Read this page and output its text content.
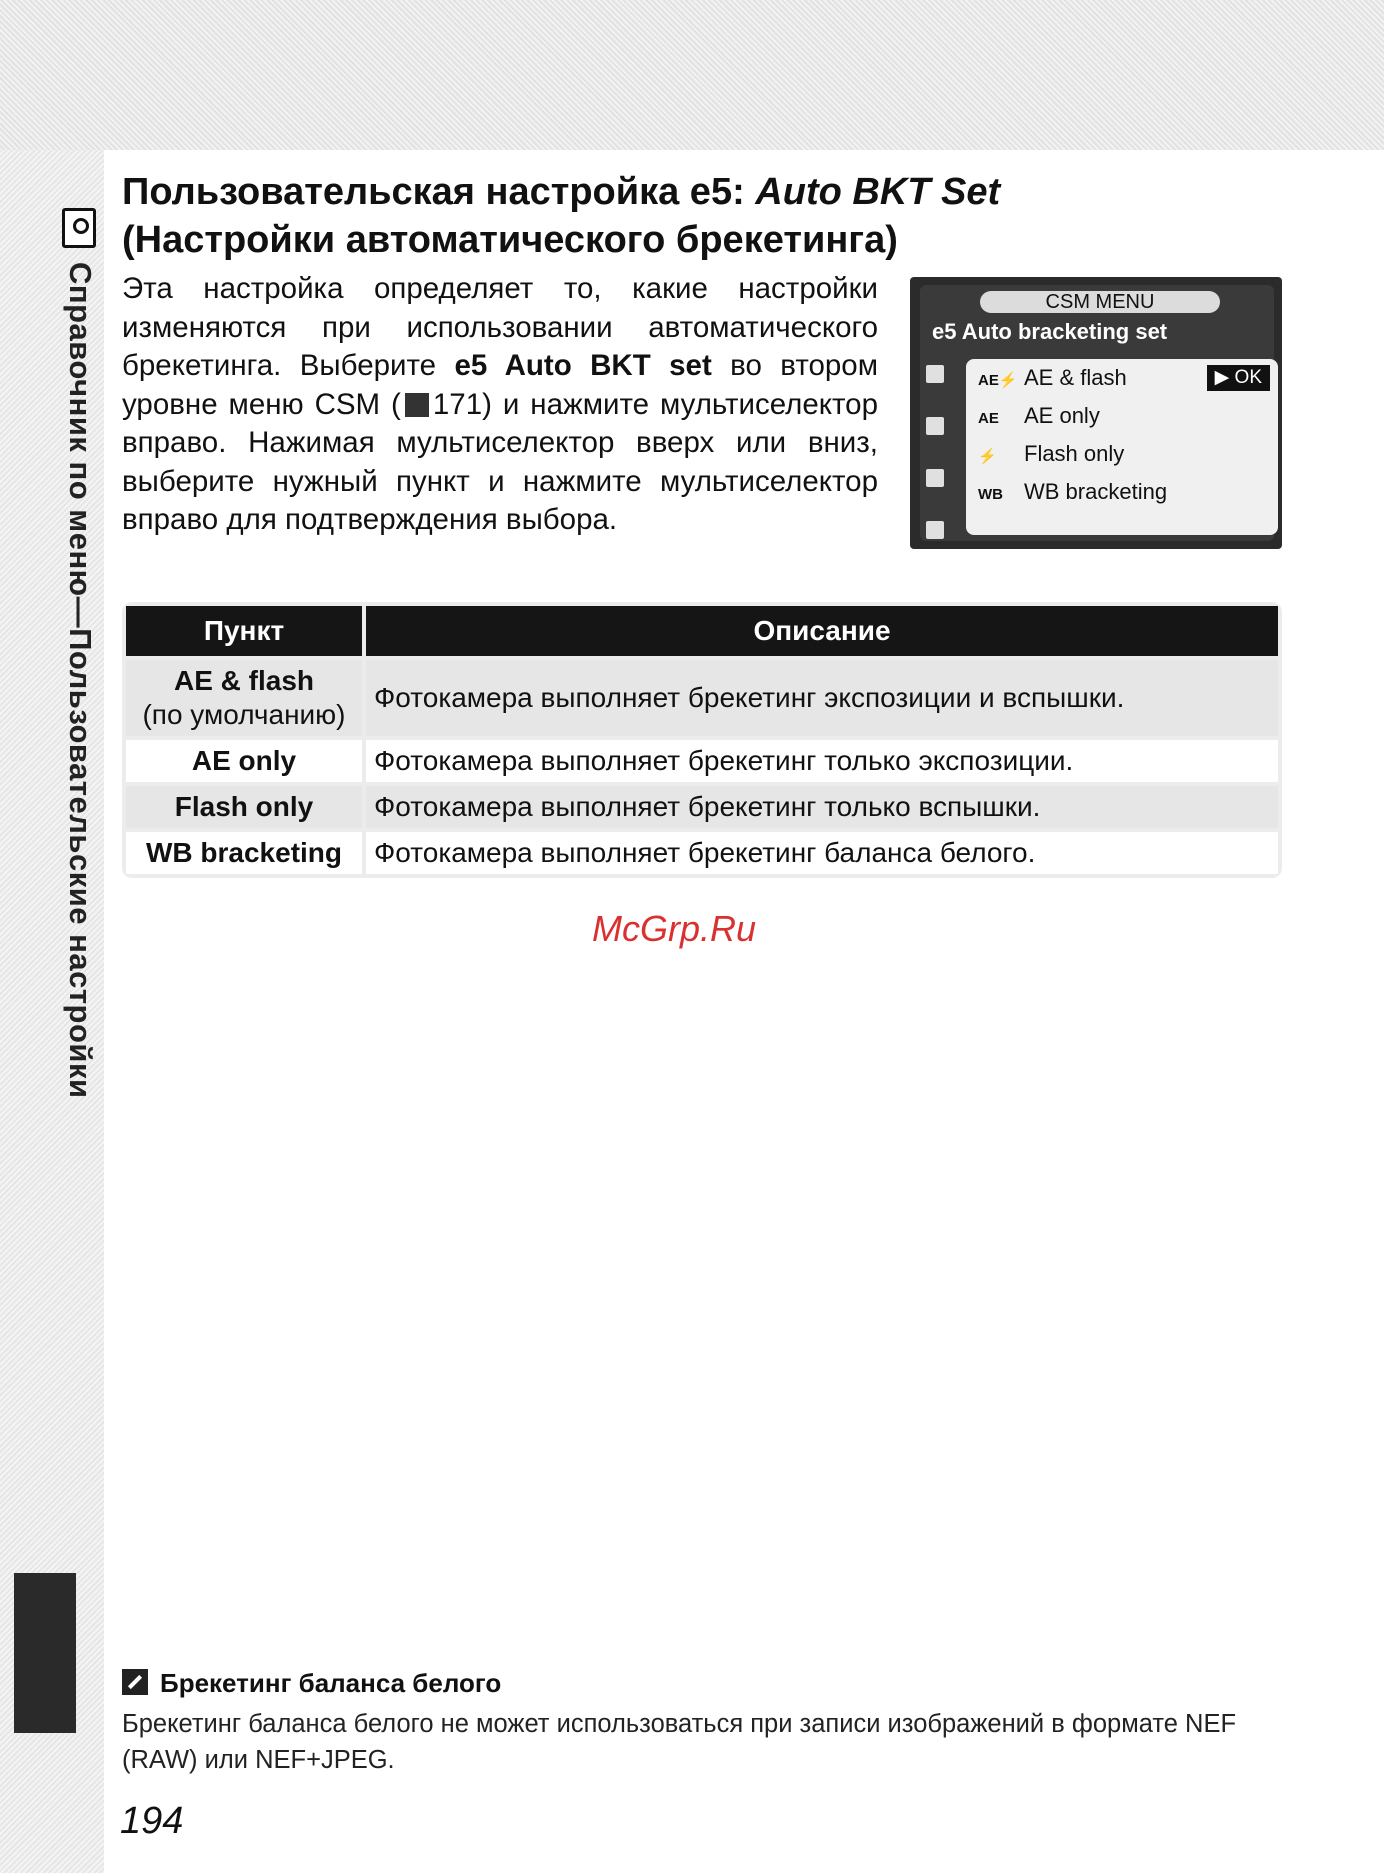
Справочник по меню—Пользовательские настройки
Пользовательская настройка e5: Auto BKT Set
(Настройки автоматического брекетинга)
Эта настройка определяет то, какие настройки изменяются при использовании автоматического брекетинга. Выберите e5 Auto BKT set во втором уровне меню CSM ( 171) и нажмите мультиселектор вправо. Нажимая мультиселектор вверх или вниз, выберите нужный пункт и нажмите мультиселектор вправо для подтверждения выбора.
CSM MENU
e5 Auto bracketing set
AE⚡ AE & flash	▶ OK
AE AE only
⚡ Flash only
WB WB bracketing
Пункт	Описание
AE & flash
(по умолчанию)	Фотокамера выполняет брекетинг экспозиции и вспышки.
AE only	Фотокамера выполняет брекетинг только экспозиции.
Flash only	Фотокамера выполняет брекетинг только вспышки.
WB bracketing	Фотокамера выполняет брекетинг баланса белого.
McGrp.Ru
Брекетинг баланса белого
Брекетинг баланса белого не может использоваться при записи изображений в формате NEF (RAW) или NEF+JPEG.
194
